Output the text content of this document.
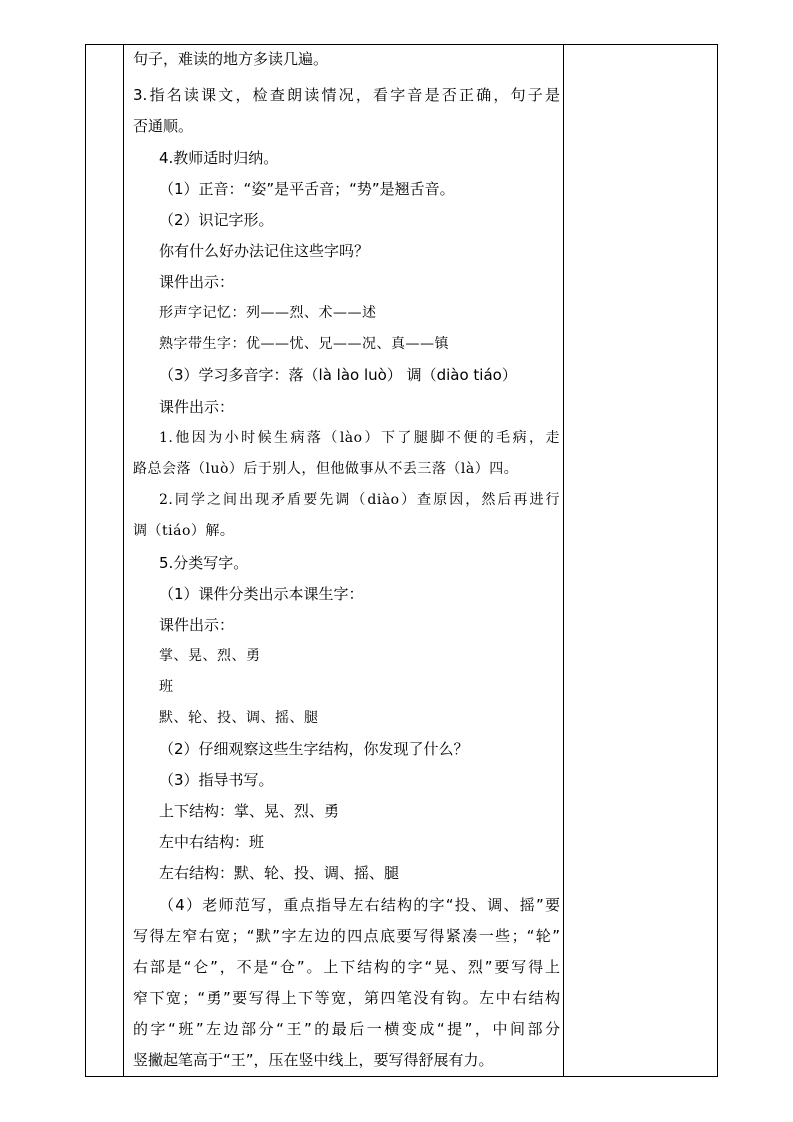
句子，难读的地方多读几遍。
3.指名读课文，检查朗读情况，看字音是否正确，句子是
否通顺。
4.教师适时归纳。
（1）正音：“姿”是平舌音；“势”是翘舌音。
（2）识记字形。
你有什么好办法记住这些字吗？
课件出示：
形声字记忆：列——烈、术——述
熟字带生字：优——忧、兄——况、真——镇
（3）学习多音字：落（là lào luò） 调（diào tiáo）
课件出示：
1.他因为小时候生病落（lào）下了腿脚不便的毛病，走
路总会落（luò）后于别人，但他做事从不丢三落（là）四。
2.同学之间出现矛盾要先调（diào）查原因，然后再进行
调（tiáo）解。
5.分类写字。
（1）课件分类出示本课生字：
课件出示：
掌、晃、烈、勇
班
默、轮、投、调、摇、腿
（2）仔细观察这些生字结构，你发现了什么？
（3）指导书写。
上下结构：掌、晃、烈、勇
左中右结构：班
左右结构：默、轮、投、调、摇、腿
（4）老师范写，重点指导左右结构的字“投、调、摇”要
写得左窄右宽；“默”字左边的四点底要写得紧凑一些；“轮”
右部是“仑”，不是“仓”。上下结构的字“晃、烈”要写得上
窄下宽；“勇”要写得上下等宽，第四笔没有钩。左中右结构
的字“班”左边部分“王”的最后一横变成“提”，中间部分
竖撇起笔高于“王”，压在竖中线上，要写得舒展有力。
